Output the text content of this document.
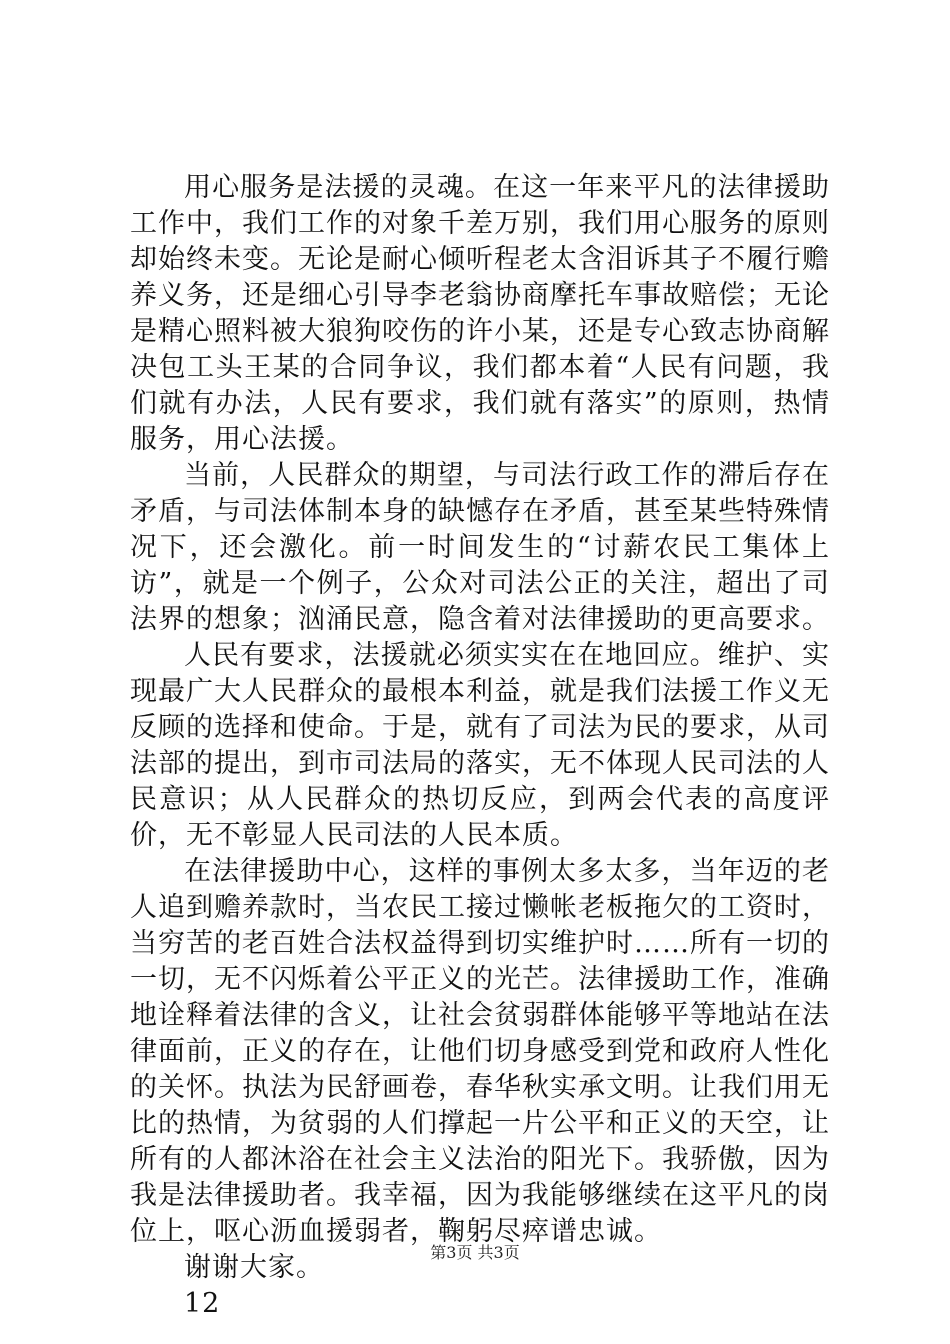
用心服务是法援的灵魂。在这一年来平凡的法律援助工作中，我们工作的对象千差万别，我们用心服务的原则却始终未变。无论是耐心倾听程老太含泪诉其子不履行赡养义务，还是细心引导李老翁协商摩托车事故赔偿；无论是精心照料被大狼狗咬伤的许小某，还是专心致志协商解决包工头王某的合同争议，我们都本着“人民有问题，我们就有办法，人民有要求，我们就有落实”的原则，热情服务，用心法援。

当前，人民群众的期望，与司法行政工作的滞后存在矛盾，与司法体制本身的缺憾存在矛盾，甚至某些特殊情况下，还会激化。前一时间发生的“讨薪农民工集体上访”，就是一个例子，公众对司法公正的关注，超出了司法界的想象；汹涌民意，隐含着对法律援助的更高要求。

人民有要求，法援就必须实实在在地回应。维护、实现最广大人民群众的最根本利益，就是我们法援工作义无反顾的选择和使命。于是，就有了司法为民的要求，从司法部的提出，到市司法局的落实，无不体现人民司法的人民意识；从人民群众的热切反应，到两会代表的高度评价，无不彰显人民司法的人民本质。

在法律援助中心，这样的事例太多太多，当年迈的老人追到赡养款时，当农民工接过懒帐老板拖欠的工资时，当穷苦的老百姓合法权益得到切实维护时……所有一切的一切，无不闪烁着公平正义的光芒。法律援助工作，准确地诠释着法律的含义，让社会贫弱群体能够平等地站在法律面前，正义的存在，让他们切身感受到党和政府人性化的关怀。执法为民舒画卷，春华秋实承文明。让我们用无比的热情，为贫弱的人们撑起一片公平和正义的天空，让所有的人都沐浴在社会主义法治的阳光下。我骄傲，因为我是法律援助者。我幸福，因为我能够继续在这平凡的岗位上，呕心沥血援弱者，鞠躬尽瘁谱忠诚。

谢谢大家。

12

第3页 共3页
